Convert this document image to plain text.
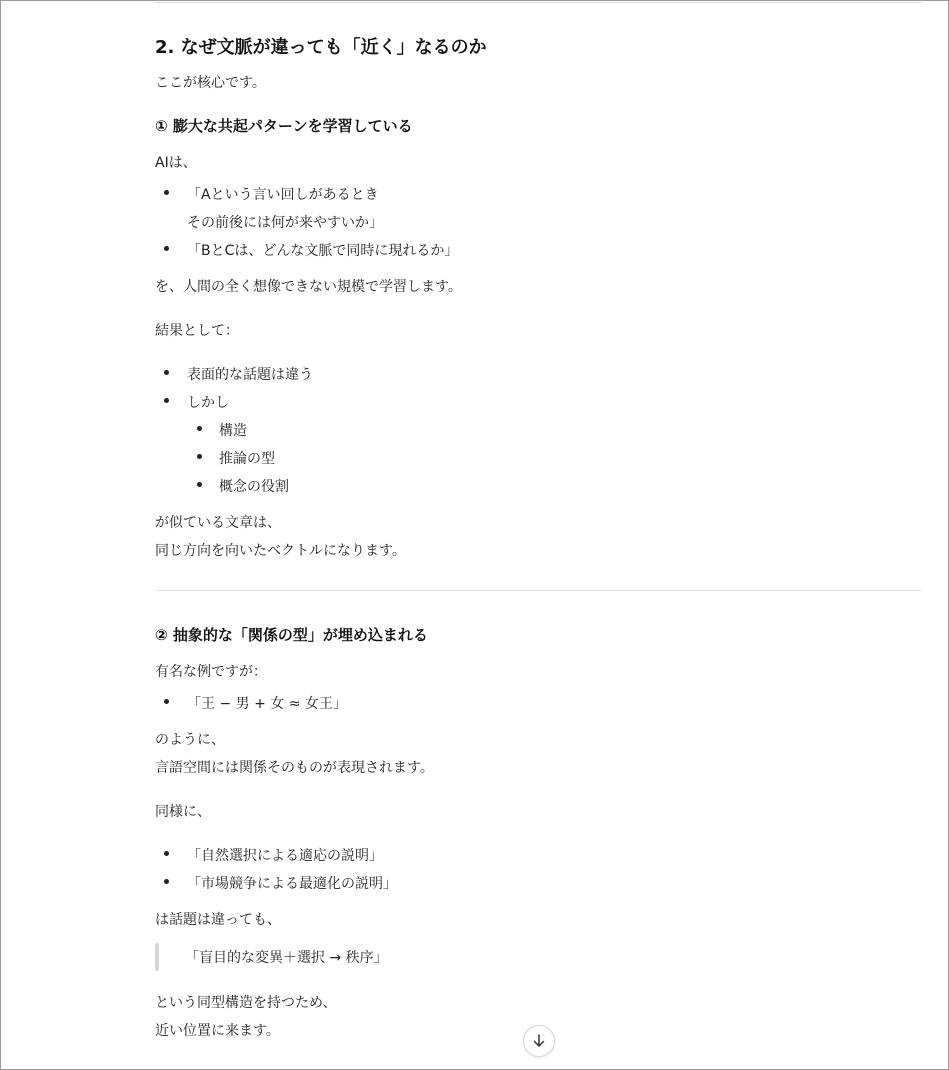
2. なぜ文脈が違っても「近く」なるのか
ここが核心です。
① 膨大な共起パターンを学習している
AIは、
「Aという言い回しがあるとき
その前後には何が来やすいか」
「BとCは、どんな文脈で同時に現れるか」
を、人間の全く想像できない規模で学習します。
結果として：
表面的な話題は違う
しかし
構造
推論の型
概念の役割
が似ている文章は、
同じ方向を向いたベクトルになります。
② 抽象的な「関係の型」が埋め込まれる
有名な例ですが：
「王 − 男 + 女 ≈ 女王」
のように、
言語空間には関係そのものが表現されます。
同様に、
「自然選択による適応の説明」
「市場競争による最適化の説明」
は話題は違っても、
「盲目的な変異＋選択 → 秩序」
という同型構造を持つため、
近い位置に来ます。
